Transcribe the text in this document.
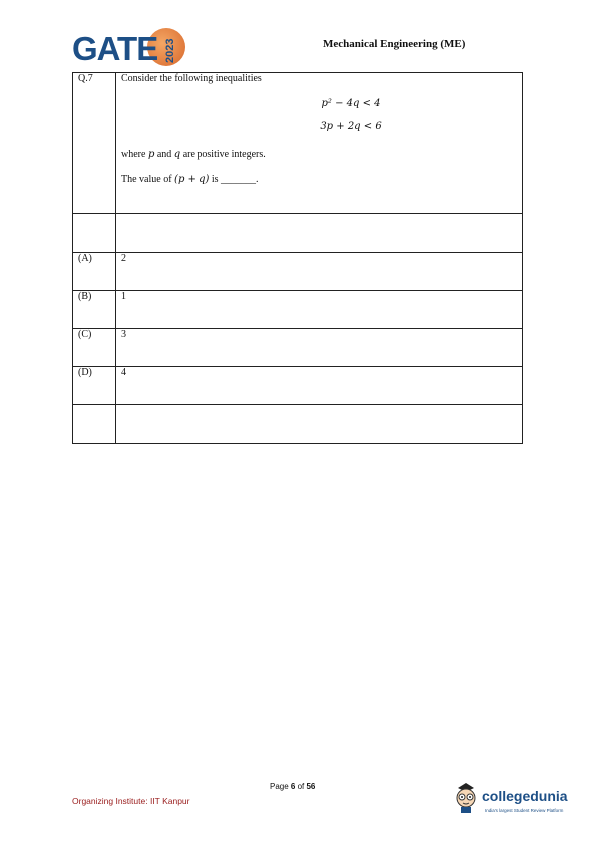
GATE 2023	Mechanical Engineering (ME)
Q.7	Consider the following inequalities
p² − 4q < 4
3p + 2q < 6
where p and q are positive integers.
The value of (p + q) is _______.

(A)	2
(B)	1
(C)	3
(D)	4

Page 6 of 56
Organizing Institute: IIT Kanpur	collegedunia
India's largest Student Review Platform
